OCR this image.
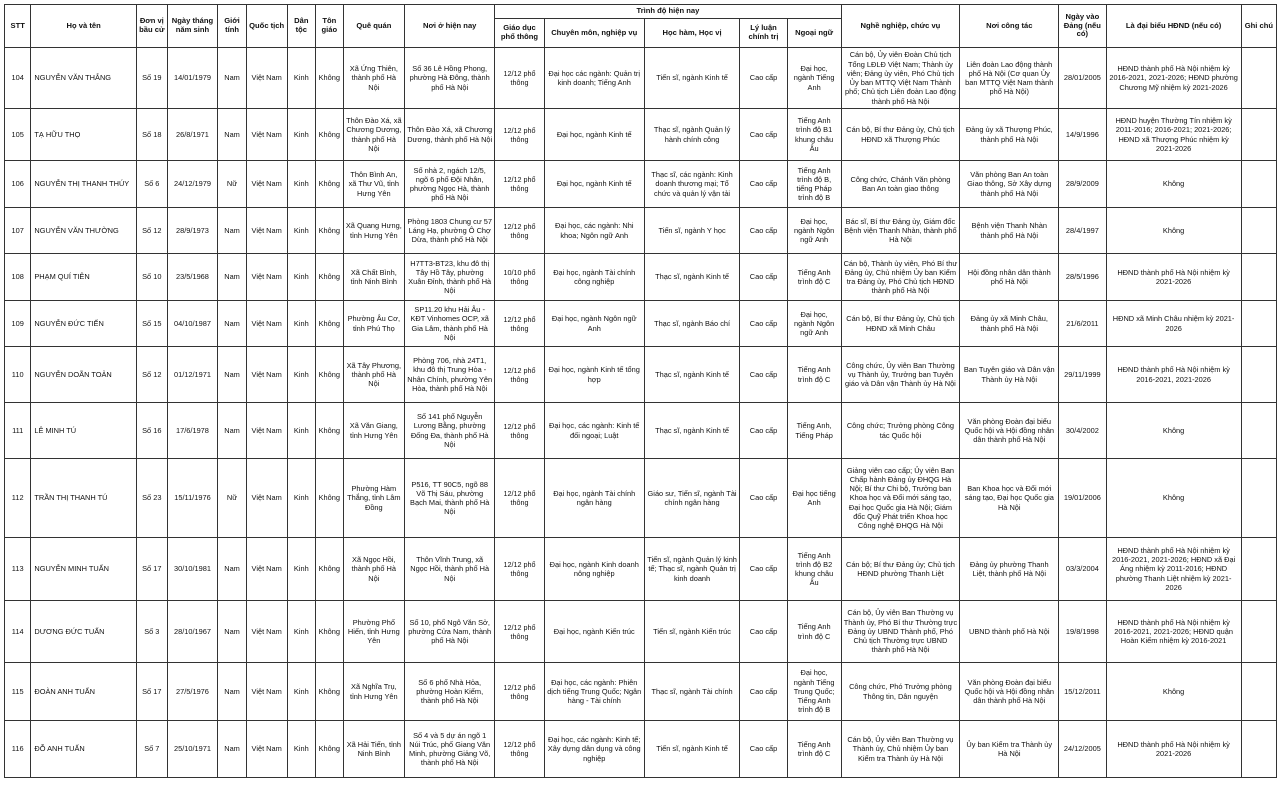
STT	Họ và tên	Đơn vị bầu cử	Ngày tháng năm sinh	Giới tính	Quốc tịch	Dân tộc	Tôn giáo	Quê quán	Nơi ở hiện nay	Trình độ hiện nay					Nghề nghiệp, chức vụ	Nơi công tác	Ngày vào Đảng (nếu có)	Là đại biểu HĐND (nếu có)	Ghi chú
										Giáo dục phổ thông	Chuyên môn, nghiệp vụ	Học hàm, Học vị	Lý luận chính trị	Ngoại ngữ					
104	NGUYỄN VĂN THẮNG	Số 19	14/01/1979	Nam	Việt Nam	Kinh	Không	Xã Ứng Thiên, thành phố Hà Nội	Số 36 Lê Hồng Phong, phường Hà Đông, thành phố Hà Nội	12/12 phổ thông	Đại học các ngành: Quản trị kinh doanh; Tiếng Anh	Tiến sĩ, ngành Kinh tế	Cao cấp	Đại học, ngành Tiếng Anh	Cán bộ, Ủy viên Đoàn Chủ tịch Tổng LĐLĐ Việt Nam; Thành ủy viên; Đảng ủy viên, Phó Chủ tịch Ủy ban MTTQ Việt Nam Thành phố; Chủ tịch Liên đoàn Lao động thành phố Hà Nội	Liên đoàn Lao động thành phố Hà Nội (Cơ quan Ủy ban MTTQ Việt Nam thành phố Hà Nội)	28/01/2005	HĐND thành phố Hà Nội nhiệm kỳ 2016-2021, 2021-2026; HĐND phường Chương Mỹ nhiệm kỳ 2021-2026	
105	TẠ HỮU THỌ	Số 18	26/8/1971	Nam	Việt Nam	Kinh	Không	Thôn Đào Xá, xã Chương Dương, thành phố Hà Nội	Thôn Đào Xá, xã Chương Dương, thành phố Hà Nội	12/12 phổ thông	Đại học, ngành Kinh tế	Thạc sĩ, ngành Quản lý hành chính công	Cao cấp	Tiếng Anh trình độ B1 khung châu Âu	Cán bộ, Bí thư Đảng ủy, Chủ tịch HĐND xã Thượng Phúc	Đảng ủy xã Thượng Phúc, thành phố Hà Nội	14/9/1996	HĐND huyện Thường Tín nhiệm kỳ 2011-2016; 2016-2021; 2021-2026; HĐND xã Thượng Phúc nhiệm kỳ 2021-2026	
106	NGUYỄN THỊ THANH THÚY	Số 6	24/12/1979	Nữ	Việt Nam	Kinh	Không	Thôn Bình An, xã Thư Vũ, tỉnh Hưng Yên	Số nhà 2, ngách 12/5, ngõ 6 phố Đội Nhân, phường Ngọc Hà, thành phố Hà Nội	12/12 phổ thông	Đại học, ngành Kinh tế	Thạc sĩ, các ngành: Kinh doanh thương mại; Tổ chức và quản lý vận tải	Cao cấp	Tiếng Anh trình độ B, tiếng Pháp trình độ B	Công chức, Chánh Văn phòng Ban An toàn giao thông	Văn phòng Ban An toàn Giao thông, Sở Xây dựng thành phố Hà Nội	28/9/2009	Không	
107	NGUYỄN VĂN THƯỜNG	Số 12	28/9/1973	Nam	Việt Nam	Kinh	Không	Xã Quang Hưng, tỉnh Hưng Yên	Phòng 1803 Chung cư 57 Láng Hạ, phường Ô Chợ Dừa, thành phố Hà Nội	12/12 phổ thông	Đại học, các ngành: Nhi khoa; Ngôn ngữ Anh	Tiến sĩ, ngành Y học	Cao cấp	Đại học, ngành Ngôn ngữ Anh	Bác sĩ, Bí thư Đảng ủy, Giám đốc Bệnh viện Thanh Nhàn, thành phố Hà Nội	Bệnh viện Thanh Nhàn thành phố Hà Nội	28/4/1997	Không	
108	PHẠM QUÍ TIÊN	Số 10	23/5/1968	Nam	Việt Nam	Kinh	Không	Xã Chất Bình, tỉnh Ninh Bình	H7TT3-BT23, khu đô thị Tây Hồ Tây, phường Xuân Đỉnh, thành phố Hà Nội	10/10 phổ thông	Đại học, ngành Tài chính công nghiệp	Thạc sĩ, ngành Kinh tế	Cao cấp	Tiếng Anh trình độ C	Cán bộ, Thành ủy viên, Phó Bí thư Đảng ủy, Chủ nhiệm Ủy ban Kiểm tra Đảng ủy, Phó Chủ tịch HĐND thành phố Hà Nội	Hội đồng nhân dân thành phố Hà Nội	28/5/1996	HĐND thành phố Hà Nội nhiệm kỳ 2021-2026	
109	NGUYỄN ĐỨC TIẾN	Số 15	04/10/1987	Nam	Việt Nam	Kinh	Không	Phường Âu Cơ, tỉnh Phú Thọ	SP11.20 khu Hải Âu - KĐT Vinhomes OCP, xã Gia Lâm, thành phố Hà Nội	12/12 phổ thông	Đại học, ngành Ngôn ngữ Anh	Thạc sĩ, ngành Báo chí	Cao cấp	Đại học, ngành Ngôn ngữ Anh	Cán bộ, Bí thư Đảng ủy, Chủ tịch HĐND xã Minh Châu	Đảng ủy xã Minh Châu, thành phố Hà Nội	21/6/2011	HĐND xã Minh Châu nhiệm kỳ 2021-2026	
110	NGUYỄN DOÃN TOẢN	Số 12	01/12/1971	Nam	Việt Nam	Kinh	Không	Xã Tây Phương, thành phố Hà Nội	Phòng 706, nhà 24T1, khu đô thị Trung Hòa - Nhân Chính, phường Yên Hòa, thành phố Hà Nội	12/12 phổ thông	Đại học, ngành Kinh tế tổng hợp	Thạc sĩ, ngành Kinh tế	Cao cấp	Tiếng Anh trình độ C	Công chức, Ủy viên Ban Thường vụ Thành ủy, Trưởng ban Tuyên giáo và Dân vận Thành ủy Hà Nội	Ban Tuyên giáo và Dân vận Thành ủy Hà Nội	29/11/1999	HĐND thành phố Hà Nội nhiệm kỳ 2016-2021, 2021-2026	
111	LÊ MINH TÚ	Số 16	17/6/1978	Nam	Việt Nam	Kinh	Không	Xã Văn Giang, tỉnh Hưng Yên	Số 141 phố Nguyễn Lương Bằng, phường Đống Đa, thành phố Hà Nội	12/12 phổ thông	Đại học, các ngành: Kinh tế đối ngoại; Luật	Thạc sĩ, ngành Kinh tế	Cao cấp	Tiếng Anh, Tiếng Pháp	Công chức; Trưởng phòng Công tác Quốc hội	Văn phòng Đoàn đại biểu Quốc hội và Hội đồng nhân dân thành phố Hà Nội	30/4/2002	Không	
112	TRẦN THỊ THANH TÚ	Số 23	15/11/1976	Nữ	Việt Nam	Kinh	Không	Phường Hàm Thắng, tỉnh Lâm Đồng	P516, TT 90C5, ngõ 88 Võ Thị Sáu, phường Bạch Mai, thành phố Hà Nội	12/12 phổ thông	Đại học, ngành Tài chính ngân hàng	Giáo sư, Tiến sĩ, ngành Tài chính ngân hàng	Cao cấp	Đại học tiếng Anh	Giảng viên cao cấp; Ủy viên Ban Chấp hành Đảng ủy ĐHQG Hà Nội; Bí thư Chi bộ, Trưởng ban Khoa học và Đổi mới sáng tạo, Đại học Quốc gia Hà Nội; Giám đốc Quỹ Phát triển Khoa học Công nghệ ĐHQG Hà Nội	Ban Khoa học và Đổi mới sáng tạo, Đại học Quốc gia Hà Nội	19/01/2006	Không	
113	NGUYỄN MINH TUẤN	Số 17	30/10/1981	Nam	Việt Nam	Kinh	Không	Xã Ngọc Hồi, thành phố Hà Nội	Thôn Vĩnh Trung, xã Ngọc Hồi, thành phố Hà Nội	12/12 phổ thông	Đại học, ngành Kinh doanh nông nghiệp	Tiến sĩ, ngành Quản lý kinh tế; Thạc sĩ, ngành Quản trị kinh doanh	Cao cấp	Tiếng Anh trình độ B2 khung châu Âu	Cán bộ; Bí thư Đảng ủy; Chủ tịch HĐND phường Thanh Liệt	Đảng ủy phường Thanh Liệt, thành phố Hà Nội	03/3/2004	HĐND thành phố Hà Nội nhiệm kỳ 2016-2021, 2021-2026; HĐND xã Đại Áng nhiệm kỳ 2011-2016; HĐND phường Thanh Liệt nhiệm kỳ 2021-2026	
114	DƯƠNG ĐỨC TUẤN	Số 3	28/10/1967	Nam	Việt Nam	Kinh	Không	Phường Phố Hiến, tỉnh Hưng Yên	Số 10, phố Ngô Văn Sở, phường Cửa Nam, thành phố Hà Nội	12/12 phổ thông	Đại học, ngành Kiến trúc	Tiến sĩ, ngành Kiến trúc	Cao cấp	Tiếng Anh trình độ C	Cán bộ, Ủy viên Ban Thường vụ Thành ủy, Phó Bí thư Thường trực Đảng ủy UBND Thành phố, Phó Chủ tịch Thường trực UBND thành phố Hà Nội	UBND thành phố Hà Nội	19/8/1998	HĐND thành phố Hà Nội nhiệm kỳ 2016-2021, 2021-2026; HĐND quận Hoàn Kiếm nhiệm kỳ 2016-2021	
115	ĐOÀN ANH TUẤN	Số 17	27/5/1976	Nam	Việt Nam	Kinh	Không	Xã Nghĩa Trụ, tỉnh Hưng Yên	Số 6 phố Nhà Hỏa, phường Hoàn Kiếm, thành phố Hà Nội	12/12 phổ thông	Đại học, các ngành: Phiên dịch tiếng Trung Quốc; Ngân hàng - Tài chính	Thạc sĩ, ngành Tài chính	Cao cấp	Đại học, ngành Tiếng Trung Quốc; Tiếng Anh trình độ B	Công chức, Phó Trưởng phòng Thông tin, Dân nguyện	Văn phòng Đoàn đại biểu Quốc hội và Hội đồng nhân dân thành phố Hà Nội	15/12/2011	Không	
116	ĐỖ ANH TUẤN	Số 7	25/10/1971	Nam	Việt Nam	Kinh	Không	Xã Hải Tiến, tỉnh Ninh Bình	Số 4 và 5 dự án ngõ 1 Núi Trúc, phố Giang Văn Minh, phường Giảng Võ, thành phố Hà Nội	12/12 phổ thông	Đại học, các ngành: Kinh tế; Xây dựng dân dụng và công nghiệp	Tiến sĩ, ngành Kinh tế	Cao cấp	Tiếng Anh trình độ C	Cán bộ, Ủy viên Ban Thường vụ Thành ủy, Chủ nhiệm Ủy ban Kiểm tra Thành ủy Hà Nội	Ủy ban Kiểm tra Thành ủy Hà Nội	24/12/2005	HĐND thành phố Hà Nội nhiệm kỳ 2021-2026	
